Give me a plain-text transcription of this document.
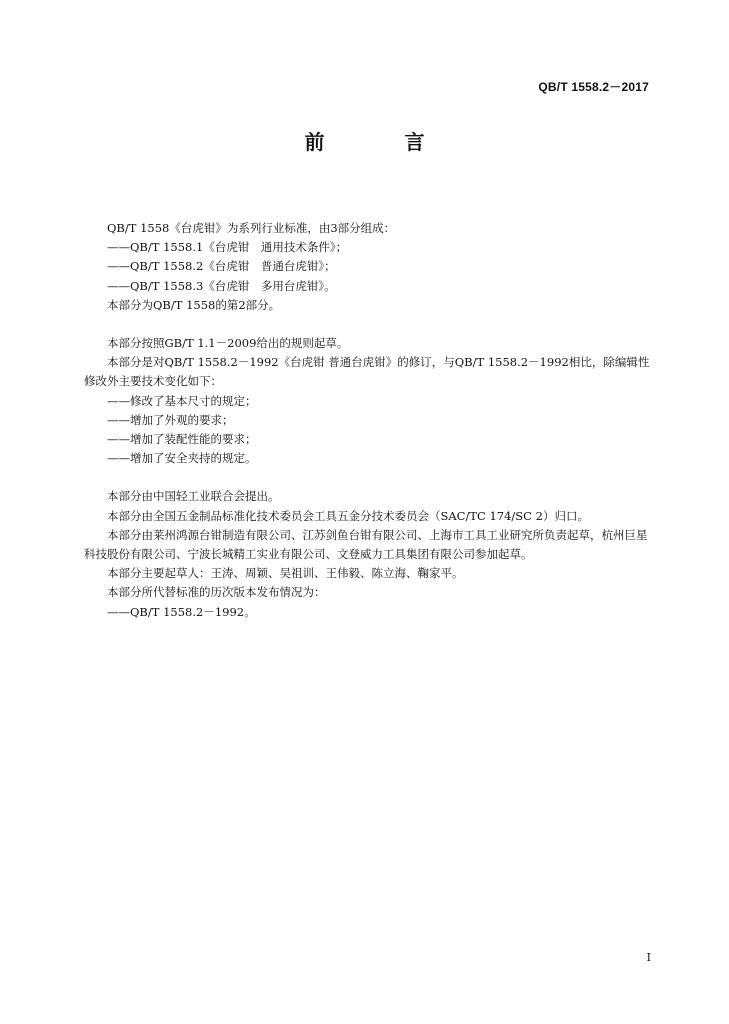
QB/T 1558.2－2017
前　言

QB/T 1558《台虎钳》为系列行业标准，由3部分组成：

——QB/T 1558.1《台虎钳　通用技术条件》；

——QB/T 1558.2《台虎钳　普通台虎钳》；

——QB/T 1558.3《台虎钳　多用台虎钳》。

本部分为QB/T 1558的第2部分。

本部分按照GB/T 1.1－2009给出的规则起草。

本部分是对QB/T 1558.2－1992《台虎钳 普通台虎钳》的修订，与QB/T 1558.2－1992相比，除编辑性修改外主要技术变化如下：

——修改了基本尺寸的规定；

——增加了外观的要求；

——增加了装配性能的要求；

——增加了安全夹持的规定。

本部分由中国轻工业联合会提出。

本部分由全国五金制品标准化技术委员会工具五金分技术委员会（SAC/TC 174/SC 2）归口。

本部分由莱州鸿源台钳制造有限公司、江苏剑鱼台钳有限公司、上海市工具工业研究所负责起草，杭州巨星科技股份有限公司、宁波长城精工实业有限公司、文登威力工具集团有限公司参加起草。

本部分主要起草人：王涛、周颖、吴祖训、王伟毅、陈立海、鞠家平。

本部分所代替标准的历次版本发布情况为：

——QB/T 1558.2－1992。

I
